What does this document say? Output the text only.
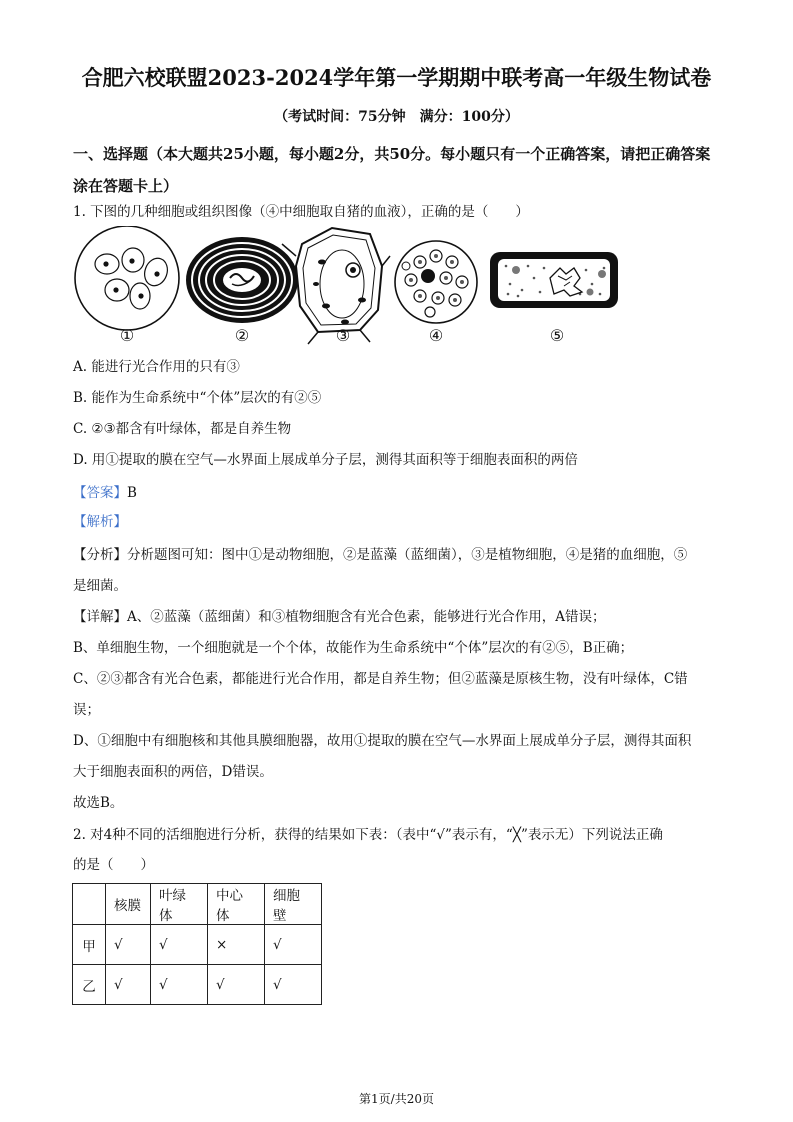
合肥六校联盟2023-2024学年第一学期期中联考高一年级生物试卷
（考试时间：75分钟　满分：100分）
一、选择题（本大题共25小题，每小题2分，共50分。每小题只有一个正确答案，请把正确答案涂在答题卡上）
1. 下图的几种细胞或组织图像（④中细胞取自猪的血液），正确的是（　　）
①	②	③	④	⑤
A. 能进行光合作用的只有③
B. 能作为生命系统中“个体”层次的有②⑤
C. ②③都含有叶绿体，都是自养生物
D. 用①提取的膜在空气—水界面上展成单分子层，测得其面积等于细胞表面积的两倍
【答案】B
【解析】
【分析】分析题图可知：图中①是动物细胞，②是蓝藻（蓝细菌），③是植物细胞，④是猪的血细胞，⑤
是细菌。
【详解】A、②蓝藻（蓝细菌）和③植物细胞含有光合色素，能够进行光合作用，A错误；
B、单细胞生物，一个细胞就是一个个体，故能作为生命系统中“个体”层次的有②⑤，B正确；
C、②③都含有光合色素，都能进行光合作用，都是自养生物；但②蓝藻是原核生物，没有叶绿体，C错
误；
D、①细胞中有细胞核和其他具膜细胞器，故用①提取的膜在空气—水界面上展成单分子层，测得其面积
大于细胞表面积的两倍，D错误。
故选B。
2. 对4种不同的活细胞进行分析，获得的结果如下表：（表中“√”表示有，“╳”表示无）下列说法正确
的是（　　）
	核膜	叶绿体	中心体	细胞壁
甲	√	√	×	√
乙	√	√	√	√
第1页/共20页
